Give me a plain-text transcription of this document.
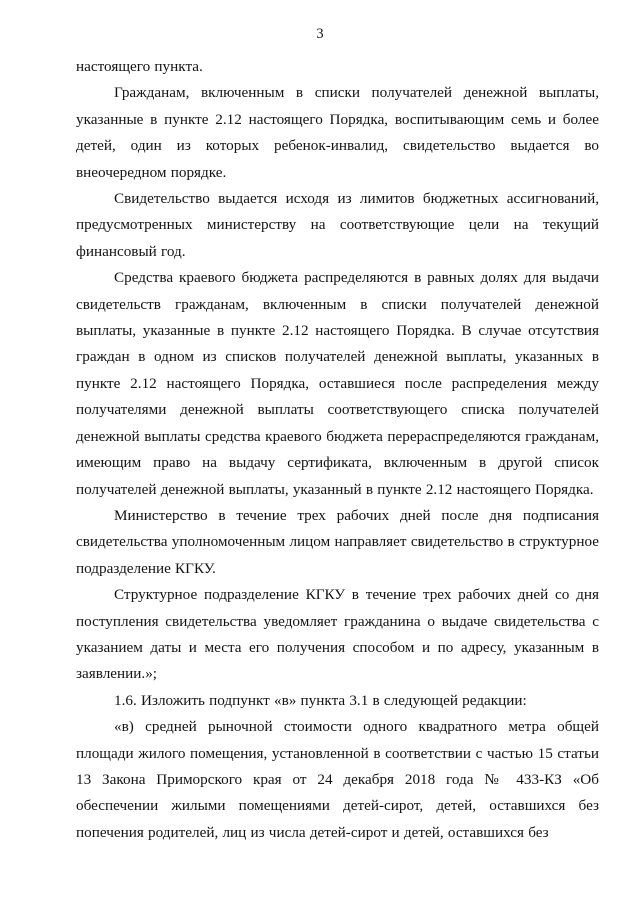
3

настоящего пункта.

Гражданам, включенным в списки получателей денежной выплаты, указанные в пункте 2.12 настоящего Порядка, воспитывающим семь и более детей, один из которых ребенок-инвалид, свидетельство выдается во внеочередном порядке.

Свидетельство выдается исходя из лимитов бюджетных ассигнований, предусмотренных министерству на соответствующие цели на текущий финансовый год.

Средства краевого бюджета распределяются в равных долях для выдачи свидетельств гражданам, включенным в списки получателей денежной выплаты, указанные в пункте 2.12 настоящего Порядка. В случае отсутствия граждан в одном из списков получателей денежной выплаты, указанных в пункте 2.12 настоящего Порядка, оставшиеся после распределения между получателями денежной выплаты соответствующего списка получателей денежной выплаты средства краевого бюджета перераспределяются гражданам, имеющим право на выдачу сертификата, включенным в другой список получателей денежной выплаты, указанный в пункте 2.12 настоящего Порядка.

Министерство в течение трех рабочих дней после дня подписания свидетельства уполномоченным лицом направляет свидетельство в структурное подразделение КГКУ.

Структурное подразделение КГКУ в течение трех рабочих дней со дня поступления свидетельства уведомляет гражданина о выдаче свидетельства с указанием даты и места его получения способом и по адресу, указанным в заявлении.»;

1.6. Изложить подпункт «в» пункта 3.1 в следующей редакции:

«в) средней рыночной стоимости одного квадратного метра общей площади жилого помещения, установленной в соответствии с частью 15 статьи 13 Закона Приморского края от 24 декабря 2018 года № 433-КЗ «Об обеспечении жилыми помещениями детей-сирот, детей, оставшихся без попечения родителей, лиц из числа детей-сирот и детей, оставшихся без
